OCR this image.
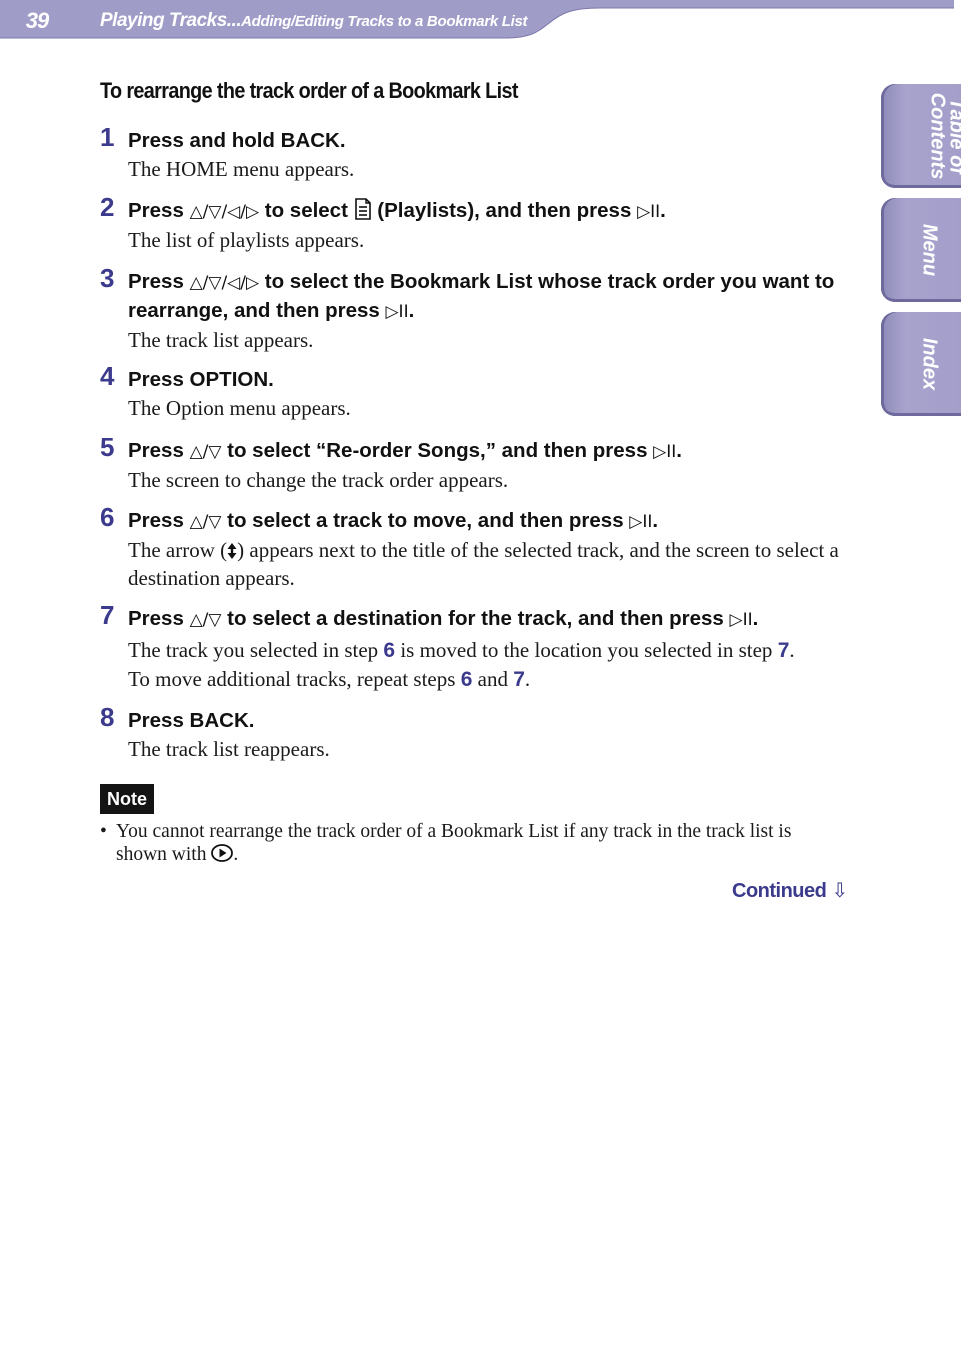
39	Playing Tracks...Adding/Editing Tracks to a Bookmark List
Table of
Contents
Menu
Index
To rearrange the track order of a Bookmark List
1 Press and hold BACK.
The HOME menu appears.
2 Press △/▽/◁/▷ to select  (Playlists), and then press ▷II.
The list of playlists appears.
3 Press △/▽/◁/▷ to select the Bookmark List whose track order you want to rearrange, and then press ▷II.
The track list appears.
4 Press OPTION.
The Option menu appears.
5 Press △/▽ to select “Re-order Songs,” and then press ▷II.
The screen to change the track order appears.
6 Press △/▽ to select a track to move, and then press ▷II.
The arrow ( ) appears next to the title of the selected track, and the screen to select a destination appears.
7 Press △/▽ to select a destination for the track, and then press ▷II.
The track you selected in step 6 is moved to the location you selected in step 7.
To move additional tracks, repeat steps 6 and 7.
8 Press BACK.
The track list reappears.
Note
• You cannot rearrange the track order of a Bookmark List if any track in the track list is shown with .
Continued ⇩
